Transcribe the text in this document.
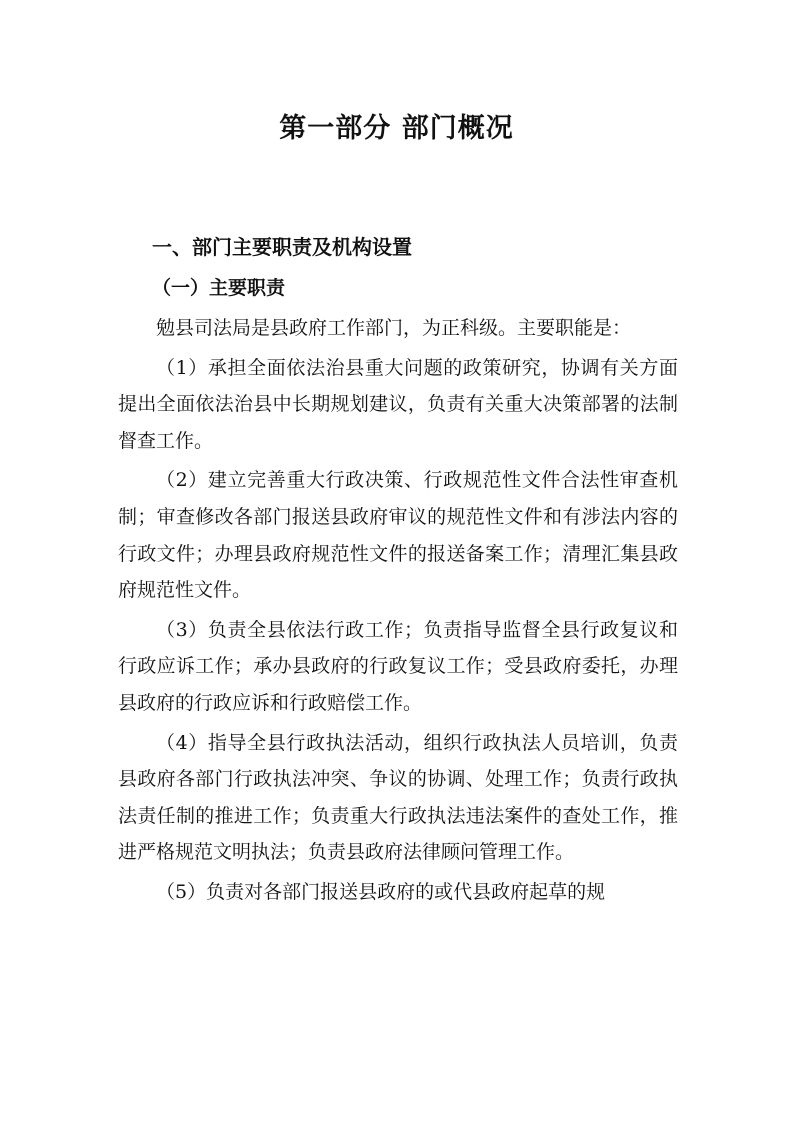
第一部分 部门概况
一、部门主要职责及机构设置
（一）主要职责

勉县司法局是县政府工作部门，为正科级。主要职能是：

（1）承担全面依法治县重大问题的政策研究，协调有关方面提出全面依法治县中长期规划建议，负责有关重大决策部署的法制督查工作。

（2）建立完善重大行政决策、行政规范性文件合法性审查机制；审查修改各部门报送县政府审议的规范性文件和有涉法内容的行政文件；办理县政府规范性文件的报送备案工作；清理汇集县政府规范性文件。

（3）负责全县依法行政工作；负责指导监督全县行政复议和行政应诉工作；承办县政府的行政复议工作；受县政府委托，办理县政府的行政应诉和行政赔偿工作。

（4）指导全县行政执法活动，组织行政执法人员培训，负责县政府各部门行政执法冲突、争议的协调、处理工作；负责行政执法责任制的推进工作；负责重大行政执法违法案件的查处工作，推进严格规范文明执法；负责县政府法律顾问管理工作。

（5）负责对各部门报送县政府的或代县政府起草的规
